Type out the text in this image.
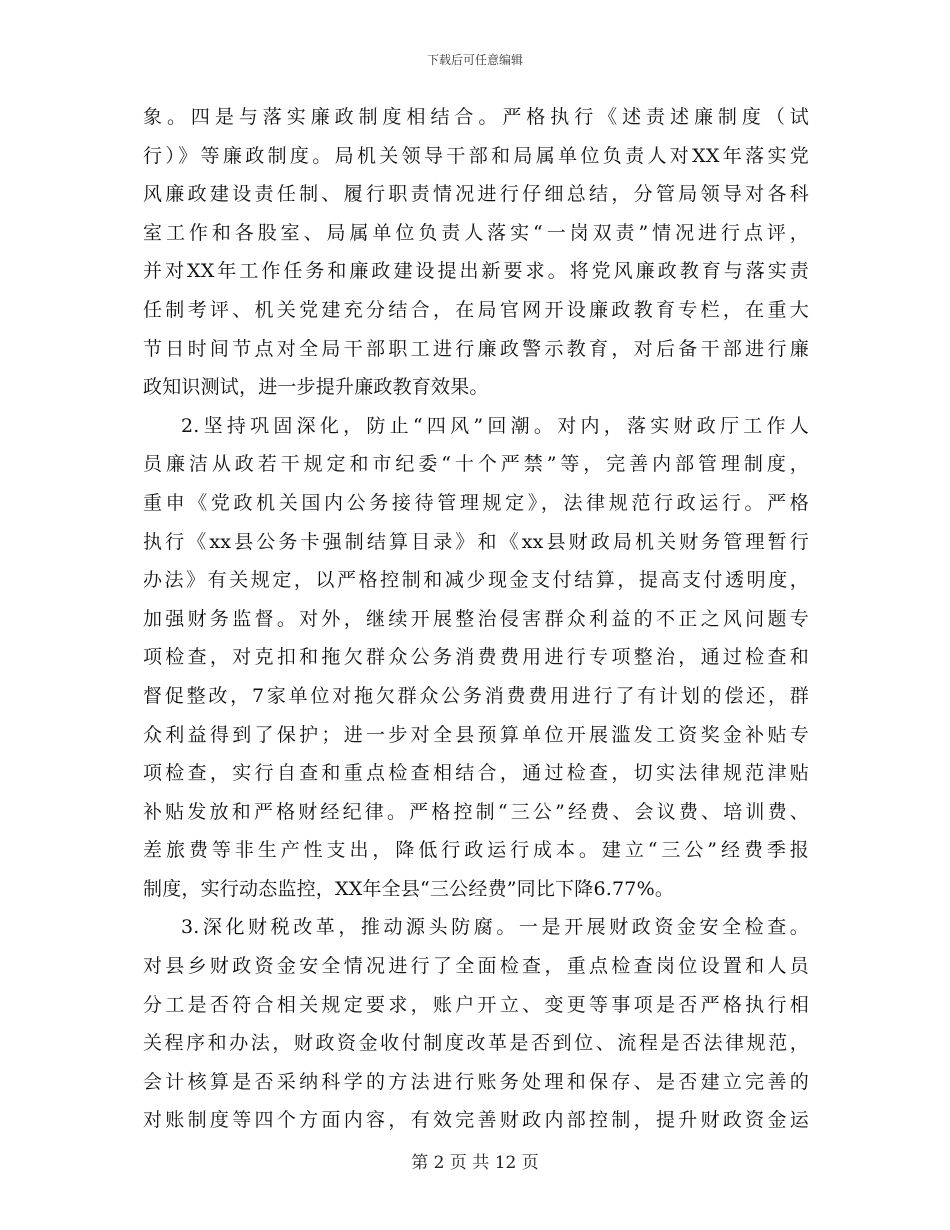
下载后可任意编辑
象。四是与落实廉政制度相结合。严格执行《述责述廉制度（试
行）》等廉政制度。局机关领导干部和局属单位负责人对XX年落实党
风廉政建设责任制、履行职责情况进行仔细总结，分管局领导对各科
室工作和各股室、局属单位负责人落实“一岗双责”情况进行点评，
并对XX年工作任务和廉政建设提出新要求。将党风廉政教育与落实责
任制考评、机关党建充分结合，在局官网开设廉政教育专栏，在重大
节日时间节点对全局干部职工进行廉政警示教育，对后备干部进行廉
政知识测试，进一步提升廉政教育效果。
2.坚持巩固深化，防止“四风”回潮。对内，落实财政厅工作人
员廉洁从政若干规定和市纪委“十个严禁”等，完善内部管理制度，
重申《党政机关国内公务接待管理规定》，法律规范行政运行。严格
执行《xx县公务卡强制结算目录》和《xx县财政局机关财务管理暂行
办法》有关规定，以严格控制和减少现金支付结算，提高支付透明度，
加强财务监督。对外，继续开展整治侵害群众利益的不正之风问题专
项检查，对克扣和拖欠群众公务消费费用进行专项整治，通过检查和
督促整改，7家单位对拖欠群众公务消费费用进行了有计划的偿还，群
众利益得到了保护；进一步对全县预算单位开展滥发工资奖金补贴专
项检查，实行自查和重点检查相结合，通过检查，切实法律规范津贴
补贴发放和严格财经纪律。严格控制“三公”经费、会议费、培训费、
差旅费等非生产性支出，降低行政运行成本。建立“三公”经费季报
制度，实行动态监控，XX年全县“三公经费”同比下降6.77%。
3.深化财税改革，推动源头防腐。一是开展财政资金安全检查。
对县乡财政资金安全情况进行了全面检查，重点检查岗位设置和人员
分工是否符合相关规定要求，账户开立、变更等事项是否严格执行相
关程序和办法，财政资金收付制度改革是否到位、流程是否法律规范，
会计核算是否采纳科学的方法进行账务处理和保存、是否建立完善的
对账制度等四个方面内容，有效完善财政内部控制，提升财政资金运
第 2 页 共 12 页
